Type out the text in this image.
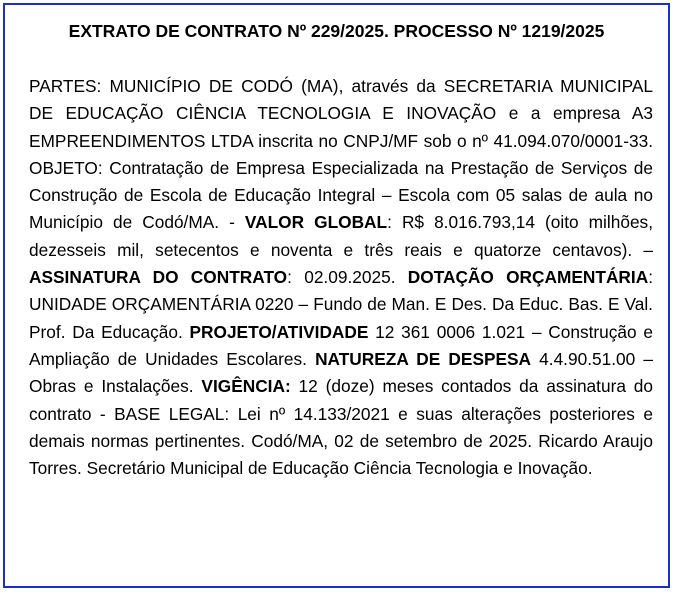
EXTRATO DE CONTRATO Nº 229/2025. PROCESSO Nº 1219/2025

PARTES: MUNICÍPIO DE CODÓ (MA), através da SECRETARIA MUNICIPAL DE EDUCAÇÃO CIÊNCIA TECNOLOGIA E INOVAÇÃO e a empresa A3 EMPREENDIMENTOS LTDA inscrita no CNPJ/MF sob o nº 41.094.070/0001-33. OBJETO: Contratação de Empresa Especializada na Prestação de Serviços de Construção de Escola de Educação Integral – Escola com 05 salas de aula no Município de Codó/MA. - VALOR GLOBAL: R$ 8.016.793,14 (oito milhões, dezesseis mil, setecentos e noventa e três reais e quatorze centavos). – ASSINATURA DO CONTRATO: 02.09.2025. DOTAÇÃO ORÇAMENTÁRIA: UNIDADE ORÇAMENTÁRIA 0220 – Fundo de Man. E Des. Da Educ. Bas. E Val. Prof. Da Educação. PROJETO/ATIVIDADE 12 361 0006 1.021 – Construção e Ampliação de Unidades Escolares. NATUREZA DE DESPESA 4.4.90.51.00 – Obras e Instalações. VIGÊNCIA: 12 (doze) meses contados da assinatura do contrato - BASE LEGAL: Lei nº 14.133/2021 e suas alterações posteriores e demais normas pertinentes. Codó/MA, 02 de setembro de 2025. Ricardo Araujo Torres. Secretário Municipal de Educação Ciência Tecnologia e Inovação.
